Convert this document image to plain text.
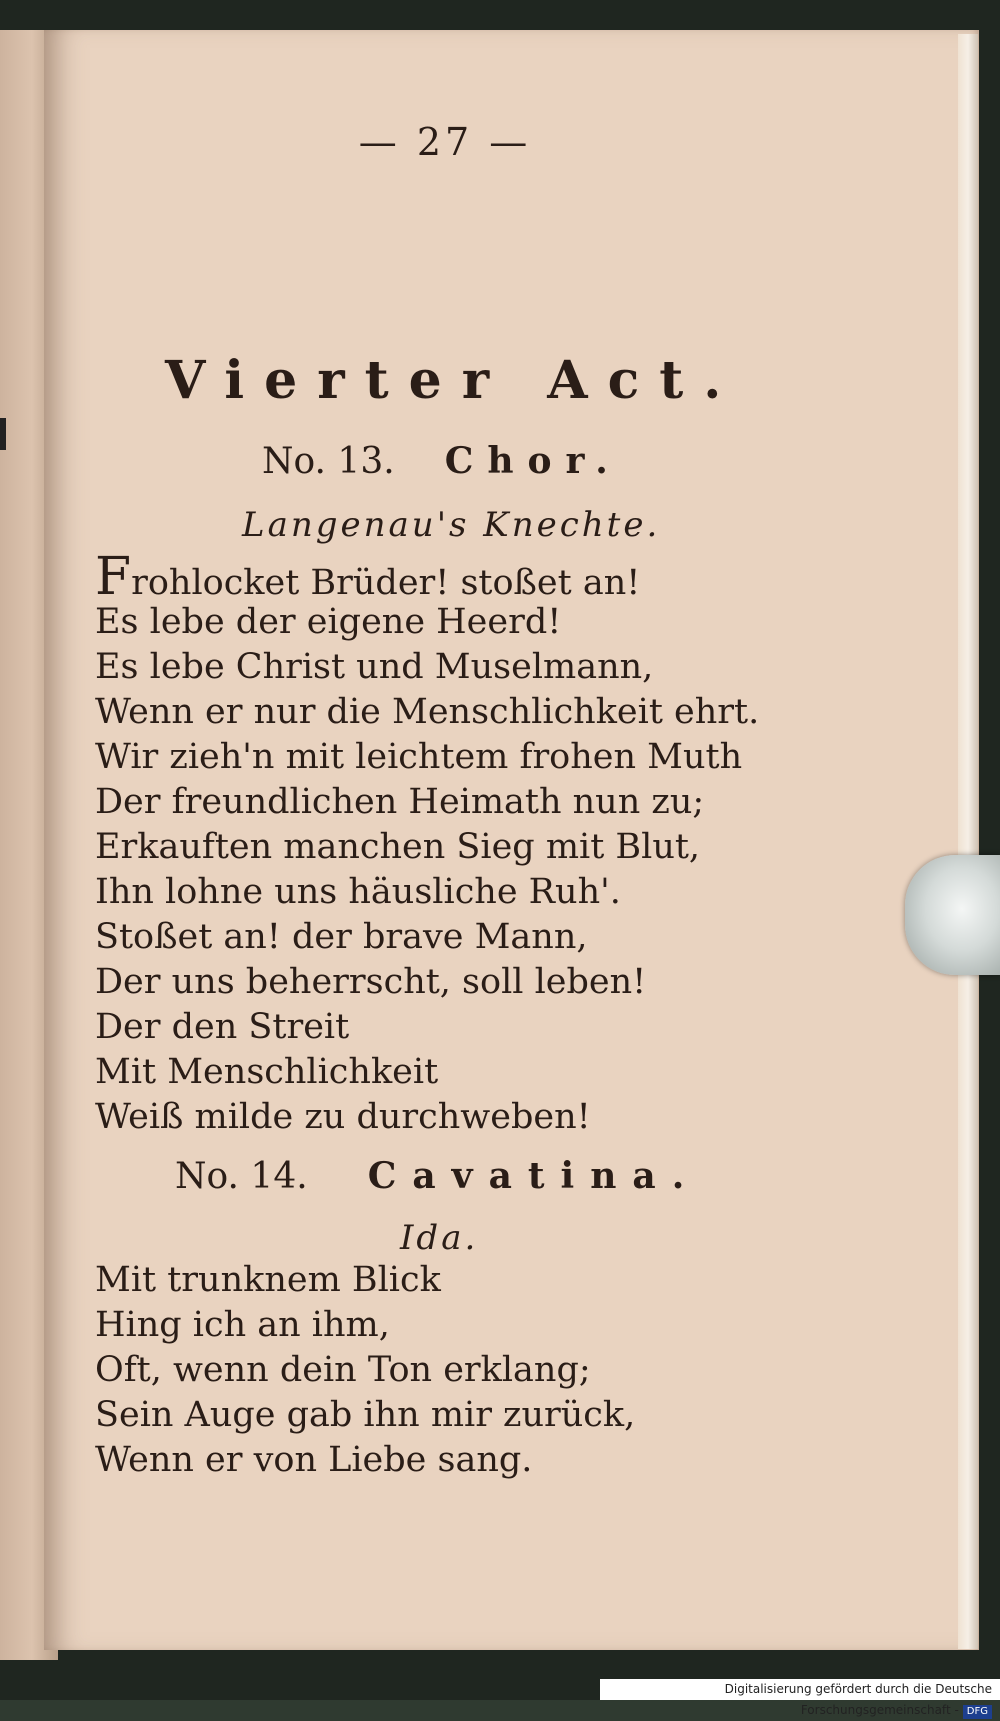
— 27 —
Vierter Act.
No. 13. Chor.
Langenau's Knechte.
Frohlocket Brüder! stoßet an!
Es lebe der eigene Heerd!
Es lebe Christ und Muselmann,
Wenn er nur die Menschlichkeit ehrt.
Wir zieh'n mit leichtem frohen Muth
Der freundlichen Heimath nun zu;
Erkauften manchen Sieg mit Blut,
Ihn lohne uns häusliche Ruh'.
Stoßet an! der brave Mann,
Der uns beherrscht, soll leben!
Der den Streit
Mit Menschlichkeit
Weiß milde zu durchweben!
No. 14. Cavatina.
Ida.
Mit trunknem Blick
Hing ich an ihm,
Oft, wenn dein Ton erklang;
Sein Auge gab ihn mir zurück,
Wenn er von Liebe sang.
Digitalisierung gefördert durch die Deutsche Forschungsgemeinschaft - DFG
